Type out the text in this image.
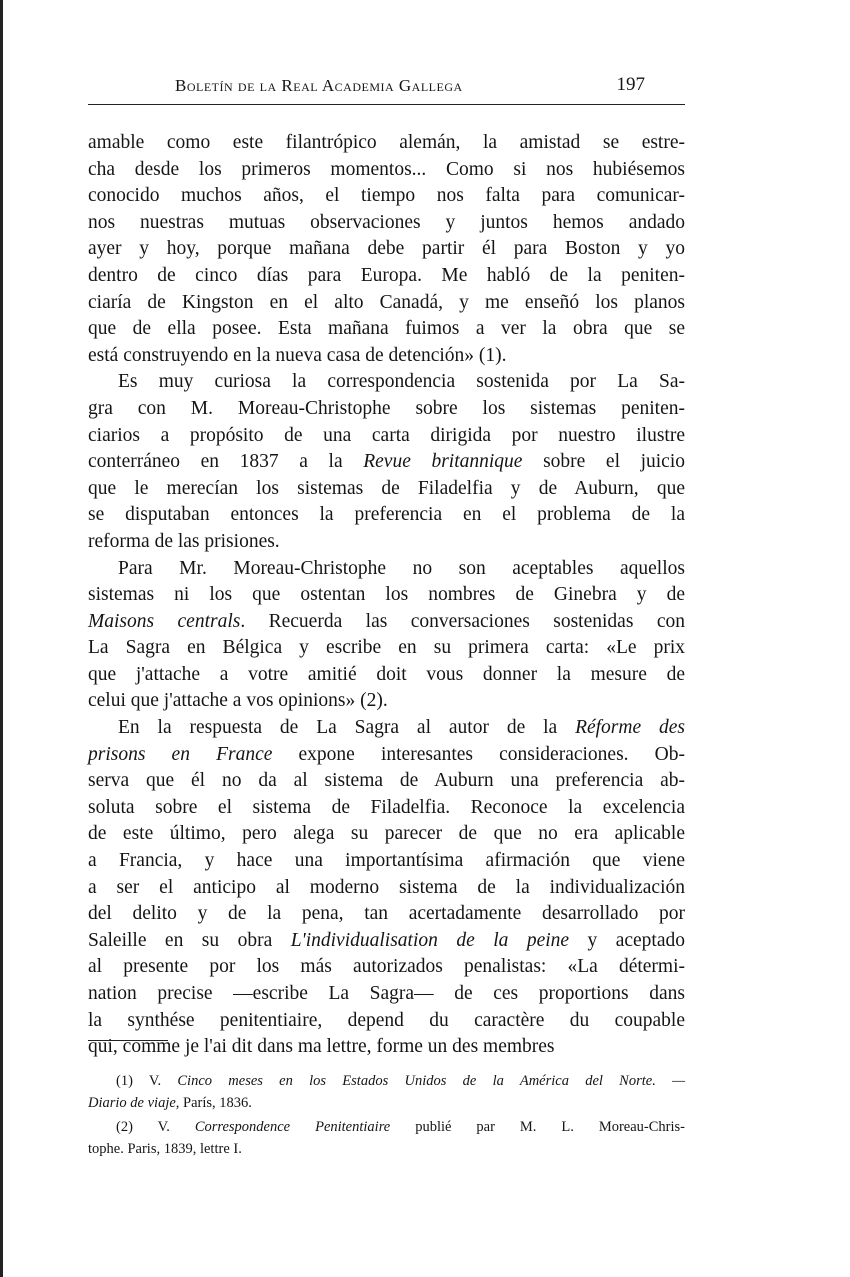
Boletín de la Real Academia Gallega	197
amable como este filantrópico alemán, la amistad se estre-
cha desde los primeros momentos... Como si nos hubiésemos
conocido muchos años, el tiempo nos falta para comunicar-
nos nuestras mutuas observaciones y juntos hemos andado
ayer y hoy, porque mañana debe partir él para Boston y yo
dentro de cinco días para Europa. Me habló de la peniten-
ciaría de Kingston en el alto Canadá, y me enseñó los planos
que de ella posee. Esta mañana fuimos a ver la obra que se
está construyendo en la nueva casa de detención» (1).
Es muy curiosa la correspondencia sostenida por La Sa-
gra con M. Moreau-Christophe sobre los sistemas peniten-
ciarios a propósito de una carta dirigida por nuestro ilustre
conterráneo en 1837 a la Revue britannique sobre el juicio
que le merecían los sistemas de Filadelfia y de Auburn, que
se disputaban entonces la preferencia en el problema de la
reforma de las prisiones.
Para Mr. Moreau-Christophe no son aceptables aquellos
sistemas ni los que ostentan los nombres de Ginebra y de
Maisons centrals. Recuerda las conversaciones sostenidas con
La Sagra en Bélgica y escribe en su primera carta: «Le prix
que j'attache a votre amitié doit vous donner la mesure de
celui que j'attache a vos opinions» (2).
En la respuesta de La Sagra al autor de la Réforme des
prisons en France expone interesantes consideraciones. Ob-
serva que él no da al sistema de Auburn una preferencia ab-
soluta sobre el sistema de Filadelfia. Reconoce la excelencia
de este último, pero alega su parecer de que no era aplicable
a Francia, y hace una importantísima afirmación que viene
a ser el anticipo al moderno sistema de la individualización
del delito y de la pena, tan acertadamente desarrollado por
Saleille en su obra L'individualisation de la peine y aceptado
al presente por los más autorizados penalistas: «La détermi-
nation precise —escribe La Sagra— de ces proportions dans
la synthése penitentiaire, depend du caractère du coupable
qui, comme je l'ai dit dans ma lettre, forme un des membres
(1) V. Cinco meses en los Estados Unidos de la América del Norte. —
Diario de viaje, París, 1836.
(2) V. Correspondence Penitentiaire publié par M. L. Moreau-Chris-
tophe. Paris, 1839, lettre I.
